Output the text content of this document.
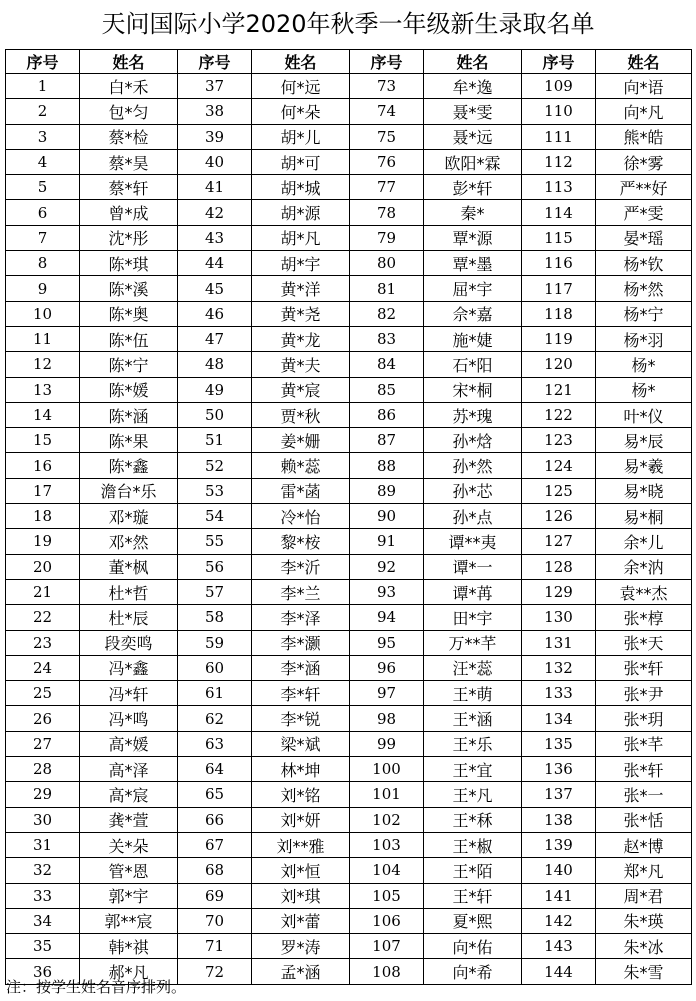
天问国际小学2020年秋季一年级新生录取名单
序号	姓名	序号	姓名	序号	姓名	序号	姓名
1	白*禾	37	何*远	73	牟*逸	109	向*语
2	包*匀	38	何*朵	74	聂*雯	110	向*凡
3	蔡*检	39	胡*儿	75	聂*远	111	熊*皓
4	蔡*昊	40	胡*可	76	欧阳*霖	112	徐*雾
5	蔡*轩	41	胡*城	77	彭*轩	113	严**好
6	曾*成	42	胡*源	78	秦*	114	严*雯
7	沈*彤	43	胡*凡	79	覃*源	115	晏*瑶
8	陈*琪	44	胡*宇	80	覃*墨	116	杨*钦
9	陈*溪	45	黄*洋	81	屈*宇	117	杨*然
10	陈*奥	46	黄*尧	82	佘*嘉	118	杨*宁
11	陈*伍	47	黄*龙	83	施*婕	119	杨*羽
12	陈*宁	48	黄*夫	84	石*阳	120	杨*
13	陈*媛	49	黄*宸	85	宋*桐	121	杨*
14	陈*涵	50	贾*秋	86	苏*瑰	122	叶*仪
15	陈*果	51	姜*姗	87	孙*焓	123	易*辰
16	陈*鑫	52	赖*蕊	88	孙*然	124	易*羲
17	澹台*乐	53	雷*菡	89	孙*芯	125	易*晓
18	邓*璇	54	冷*怡	90	孙*点	126	易*桐
19	邓*然	55	黎*桉	91	谭**夷	127	余*儿
20	董*枫	56	李*沂	92	谭*一	128	余*汭
21	杜*哲	57	李*兰	93	谭*苒	129	袁**杰
22	杜*辰	58	李*泽	94	田*宇	130	张*椁
23	段奕鸣	59	李*灏	95	万**芊	131	张*天
24	冯*鑫	60	李*涵	96	汪*蕊	132	张*轩
25	冯*轩	61	李*轩	97	王*萌	133	张*尹
26	冯*鸣	62	李*锐	98	王*涵	134	张*玥
27	高*媛	63	梁*斌	99	王*乐	135	张*芊
28	高*泽	64	林*坤	100	王*宜	136	张*轩
29	高*宸	65	刘*铭	101	王*凡	137	张*一
30	龚*萱	66	刘*妍	102	王*秝	138	张*恬
31	关*朵	67	刘**雅	103	王*椒	139	赵*博
32	管*恩	68	刘*恒	104	王*陌	140	郑*凡
33	郭*宇	69	刘*琪	105	王*轩	141	周*君
34	郭**宸	70	刘*蕾	106	夏*熙	142	朱*瑛
35	韩*祺	71	罗*涛	107	向*佑	143	朱*冰
36	郝*凡	72	孟*涵	108	向*希	144	朱*雪
注：按学生姓名音序排列。
